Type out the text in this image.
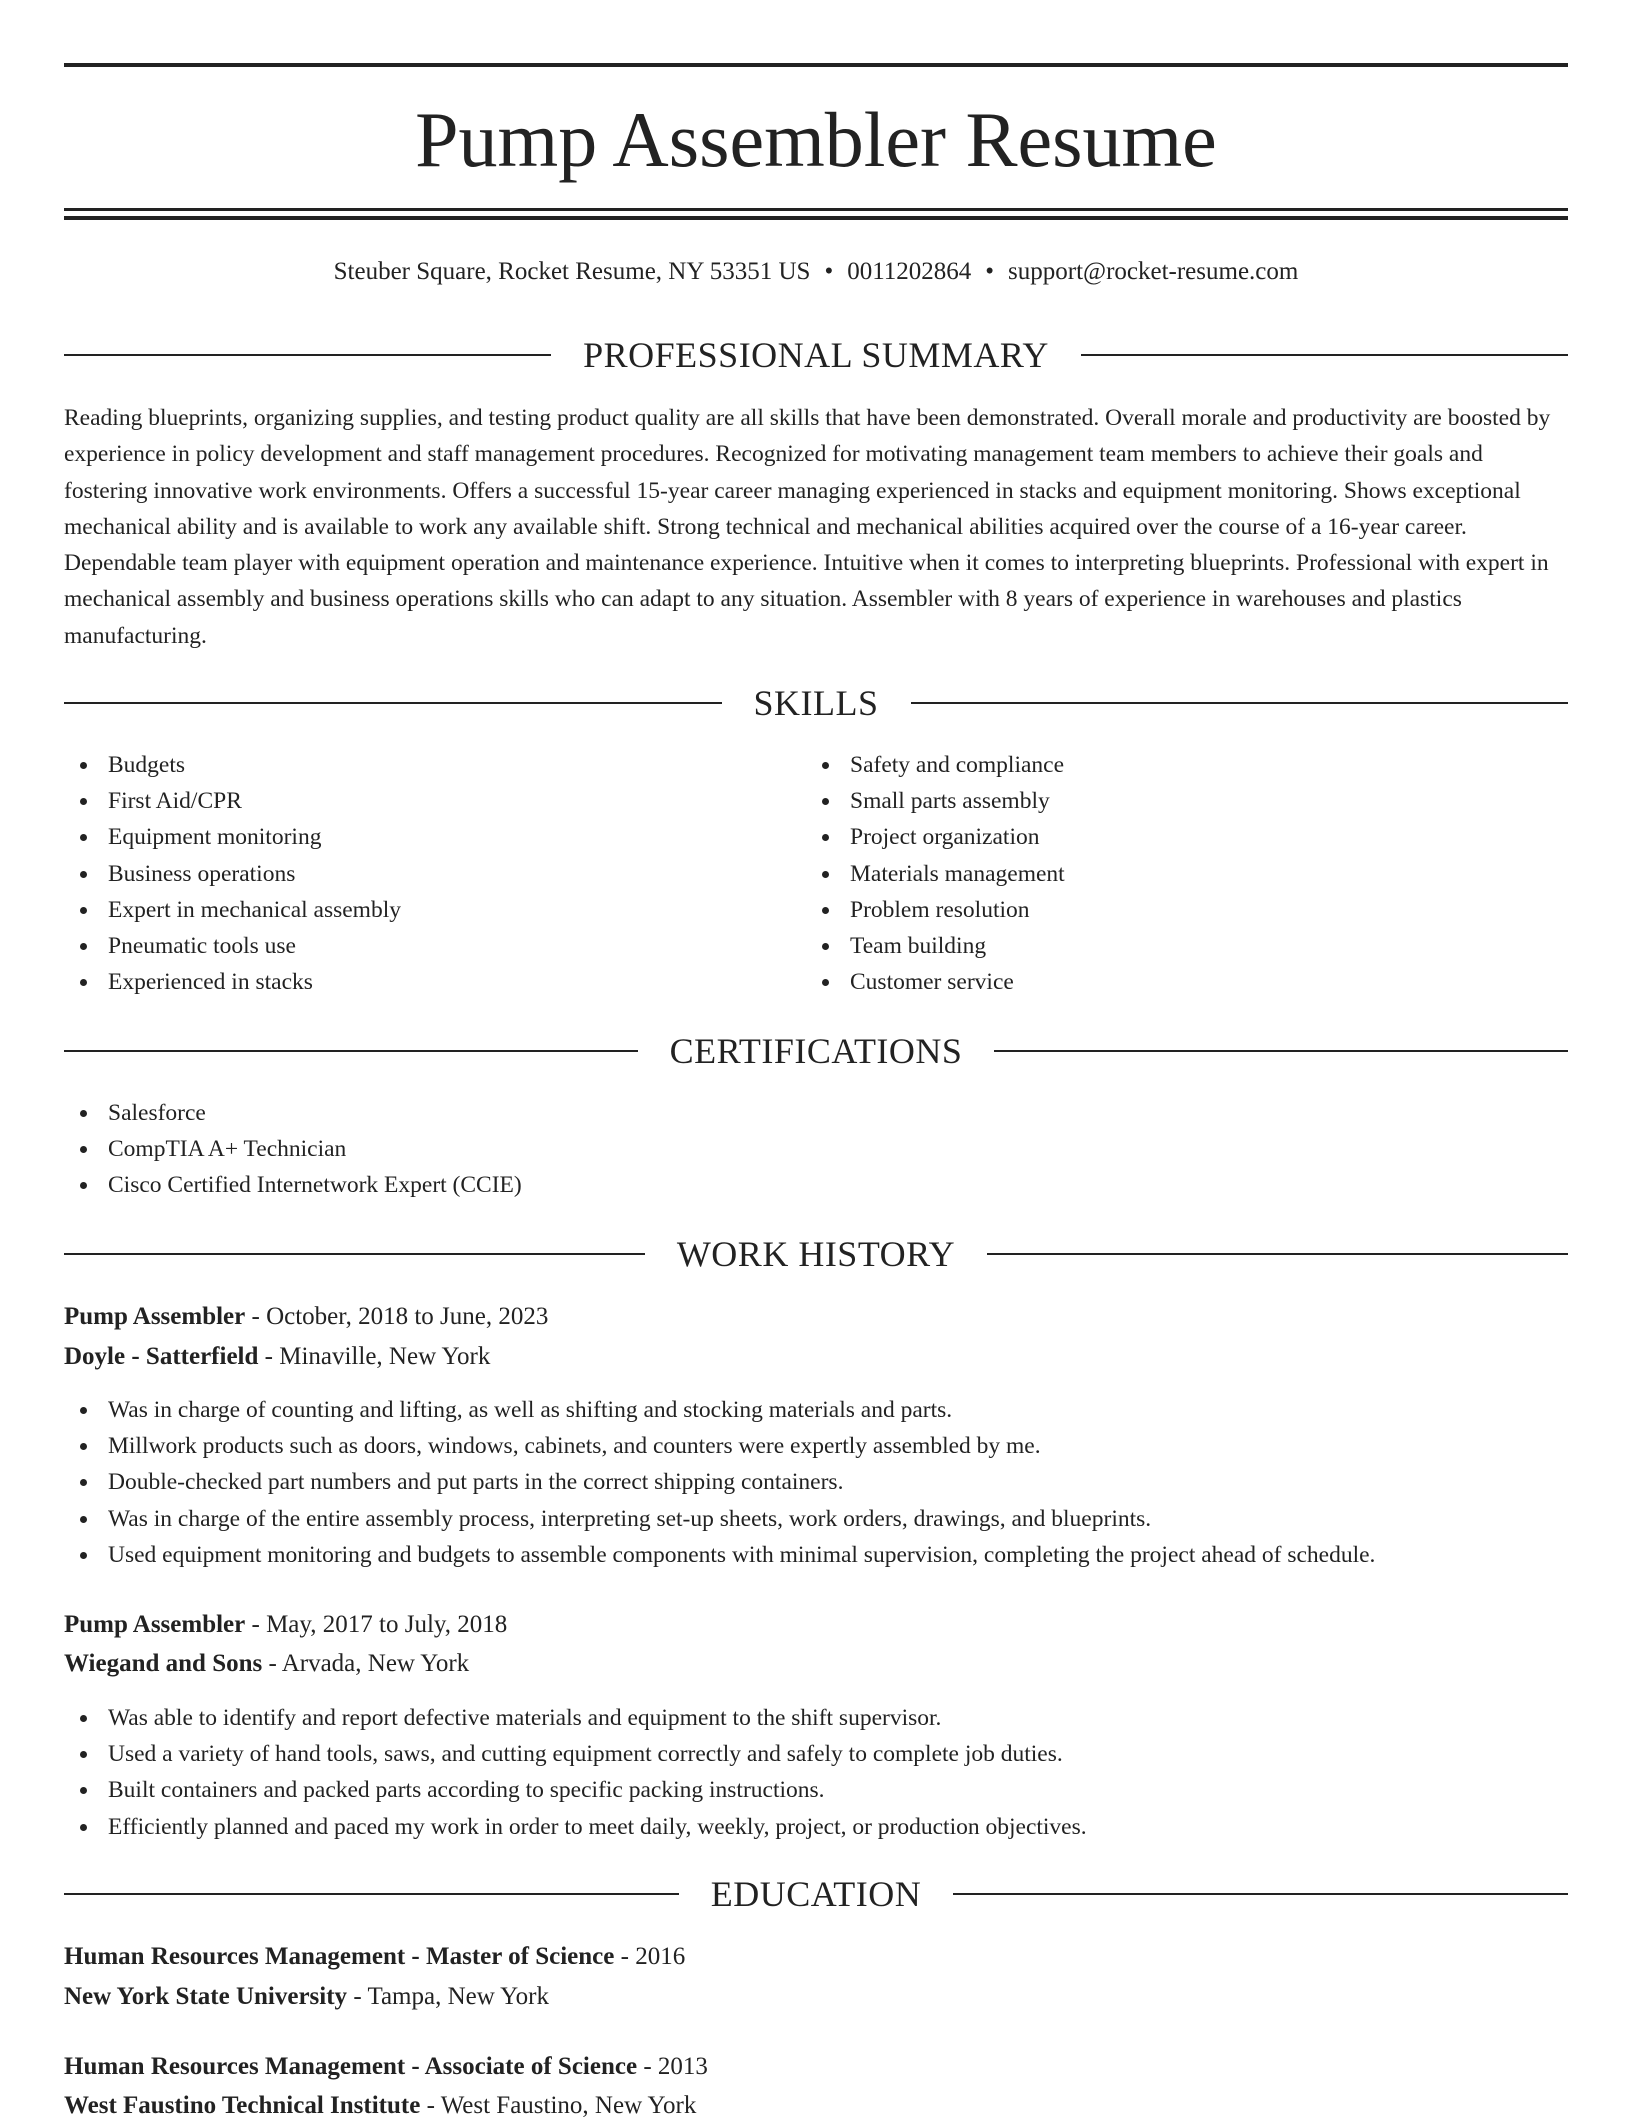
Pump Assembler Resume
Steuber Square, Rocket Resume, NY 53351 US • 0011202864 • support@rocket-resume.com
PROFESSIONAL SUMMARY
Reading blueprints, organizing supplies, and testing product quality are all skills that have been demonstrated. Overall morale and productivity are boosted by experience in policy development and staff management procedures. Recognized for motivating management team members to achieve their goals and fostering innovative work environments. Offers a successful 15-year career managing experienced in stacks and equipment monitoring. Shows exceptional mechanical ability and is available to work any available shift. Strong technical and mechanical abilities acquired over the course of a 16-year career. Dependable team player with equipment operation and maintenance experience. Intuitive when it comes to interpreting blueprints. Professional with expert in mechanical assembly and business operations skills who can adapt to any situation. Assembler with 8 years of experience in warehouses and plastics manufacturing.
SKILLS
Budgets
First Aid/CPR
Equipment monitoring
Business operations
Expert in mechanical assembly
Pneumatic tools use
Experienced in stacks
Safety and compliance
Small parts assembly
Project organization
Materials management
Problem resolution
Team building
Customer service
CERTIFICATIONS
Salesforce
CompTIA A+ Technician
Cisco Certified Internetwork Expert (CCIE)
WORK HISTORY
Pump Assembler - October, 2018 to June, 2023
Doyle - Satterfield - Minaville, New York
Was in charge of counting and lifting, as well as shifting and stocking materials and parts.
Millwork products such as doors, windows, cabinets, and counters were expertly assembled by me.
Double-checked part numbers and put parts in the correct shipping containers.
Was in charge of the entire assembly process, interpreting set-up sheets, work orders, drawings, and blueprints.
Used equipment monitoring and budgets to assemble components with minimal supervision, completing the project ahead of schedule.
Pump Assembler - May, 2017 to July, 2018
Wiegand and Sons - Arvada, New York
Was able to identify and report defective materials and equipment to the shift supervisor.
Used a variety of hand tools, saws, and cutting equipment correctly and safely to complete job duties.
Built containers and packed parts according to specific packing instructions.
Efficiently planned and paced my work in order to meet daily, weekly, project, or production objectives.
EDUCATION
Human Resources Management - Master of Science - 2016
New York State University - Tampa, New York
Human Resources Management - Associate of Science - 2013
West Faustino Technical Institute - West Faustino, New York
